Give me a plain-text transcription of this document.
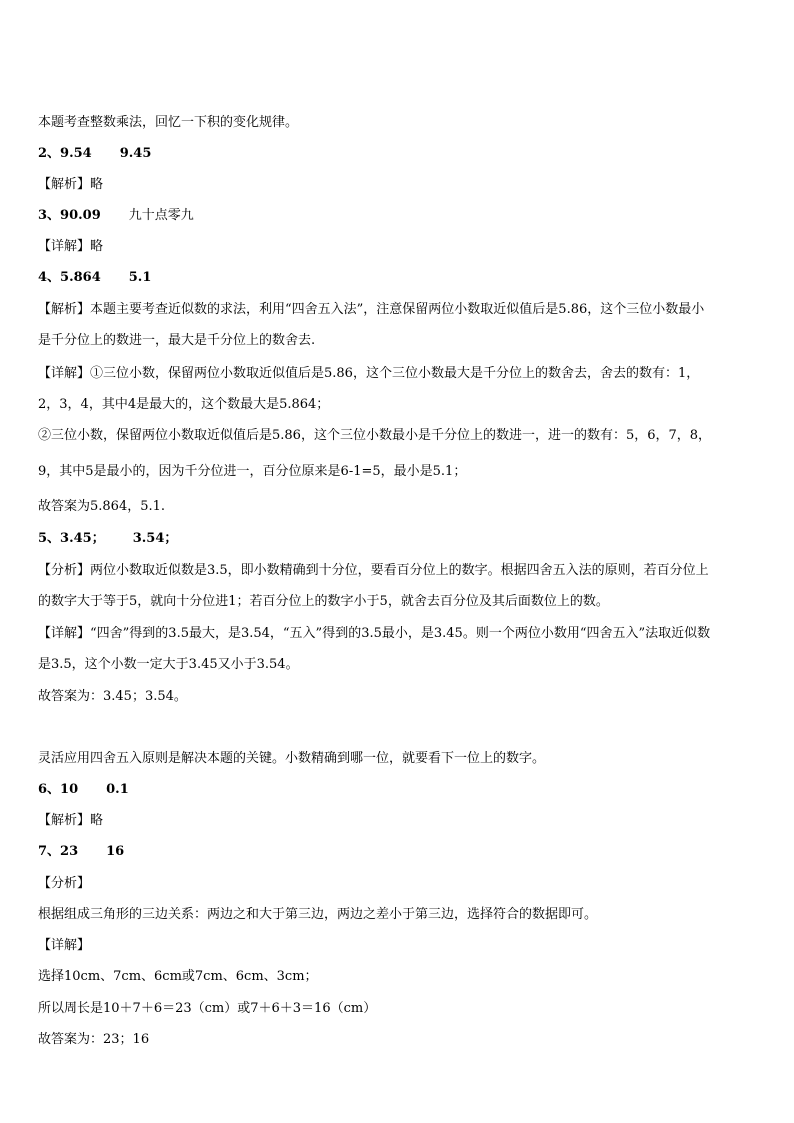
本题考查整数乘法，回忆一下积的变化规律。
2、9.54 9.45
【解析】略
3、90.09 九十点零九
【详解】略
4、5.864 5.1
【解析】本题主要考查近似数的求法，利用“四舍五入法”，注意保留两位小数取近似值后是5.86，这个三位小数最小
是千分位上的数进一，最大是千分位上的数舍去.
【详解】①三位小数，保留两位小数取近似值后是5.86，这个三位小数最大是千分位上的数舍去，舍去的数有：1，
2，3，4，其中4是最大的，这个数最大是5.864；
②三位小数，保留两位小数取近似值后是5.86，这个三位小数最小是千分位上的数进一，进一的数有：5，6，7，8，
9，其中5是最小的，因为千分位进一，百分位原来是6-1=5，最小是5.1；
故答案为5.864，5.1.
5、3.45； 3.54；
【分析】两位小数取近似数是3.5，即小数精确到十分位，要看百分位上的数字。根据四舍五入法的原则，若百分位上
的数字大于等于5，就向十分位进1；若百分位上的数字小于5，就舍去百分位及其后面数位上的数。
【详解】“四舍”得到的3.5最大，是3.54，“五入”得到的3.5最小，是3.45。则一个两位小数用“四舍五入”法取近似数
是3.5，这个小数一定大于3.45又小于3.54。
故答案为：3.45；3.54。
灵活应用四舍五入原则是解决本题的关键。小数精确到哪一位，就要看下一位上的数字。
6、10 0.1
【解析】略
7、23 16
【分析】
根据组成三角形的三边关系：两边之和大于第三边，两边之差小于第三边，选择符合的数据即可。
【详解】
选择10cm、7cm、6cm或7cm、6cm、3cm；
所以周长是10＋7＋6＝23（cm）或7＋6＋3＝16（cm）
故答案为：23；16
